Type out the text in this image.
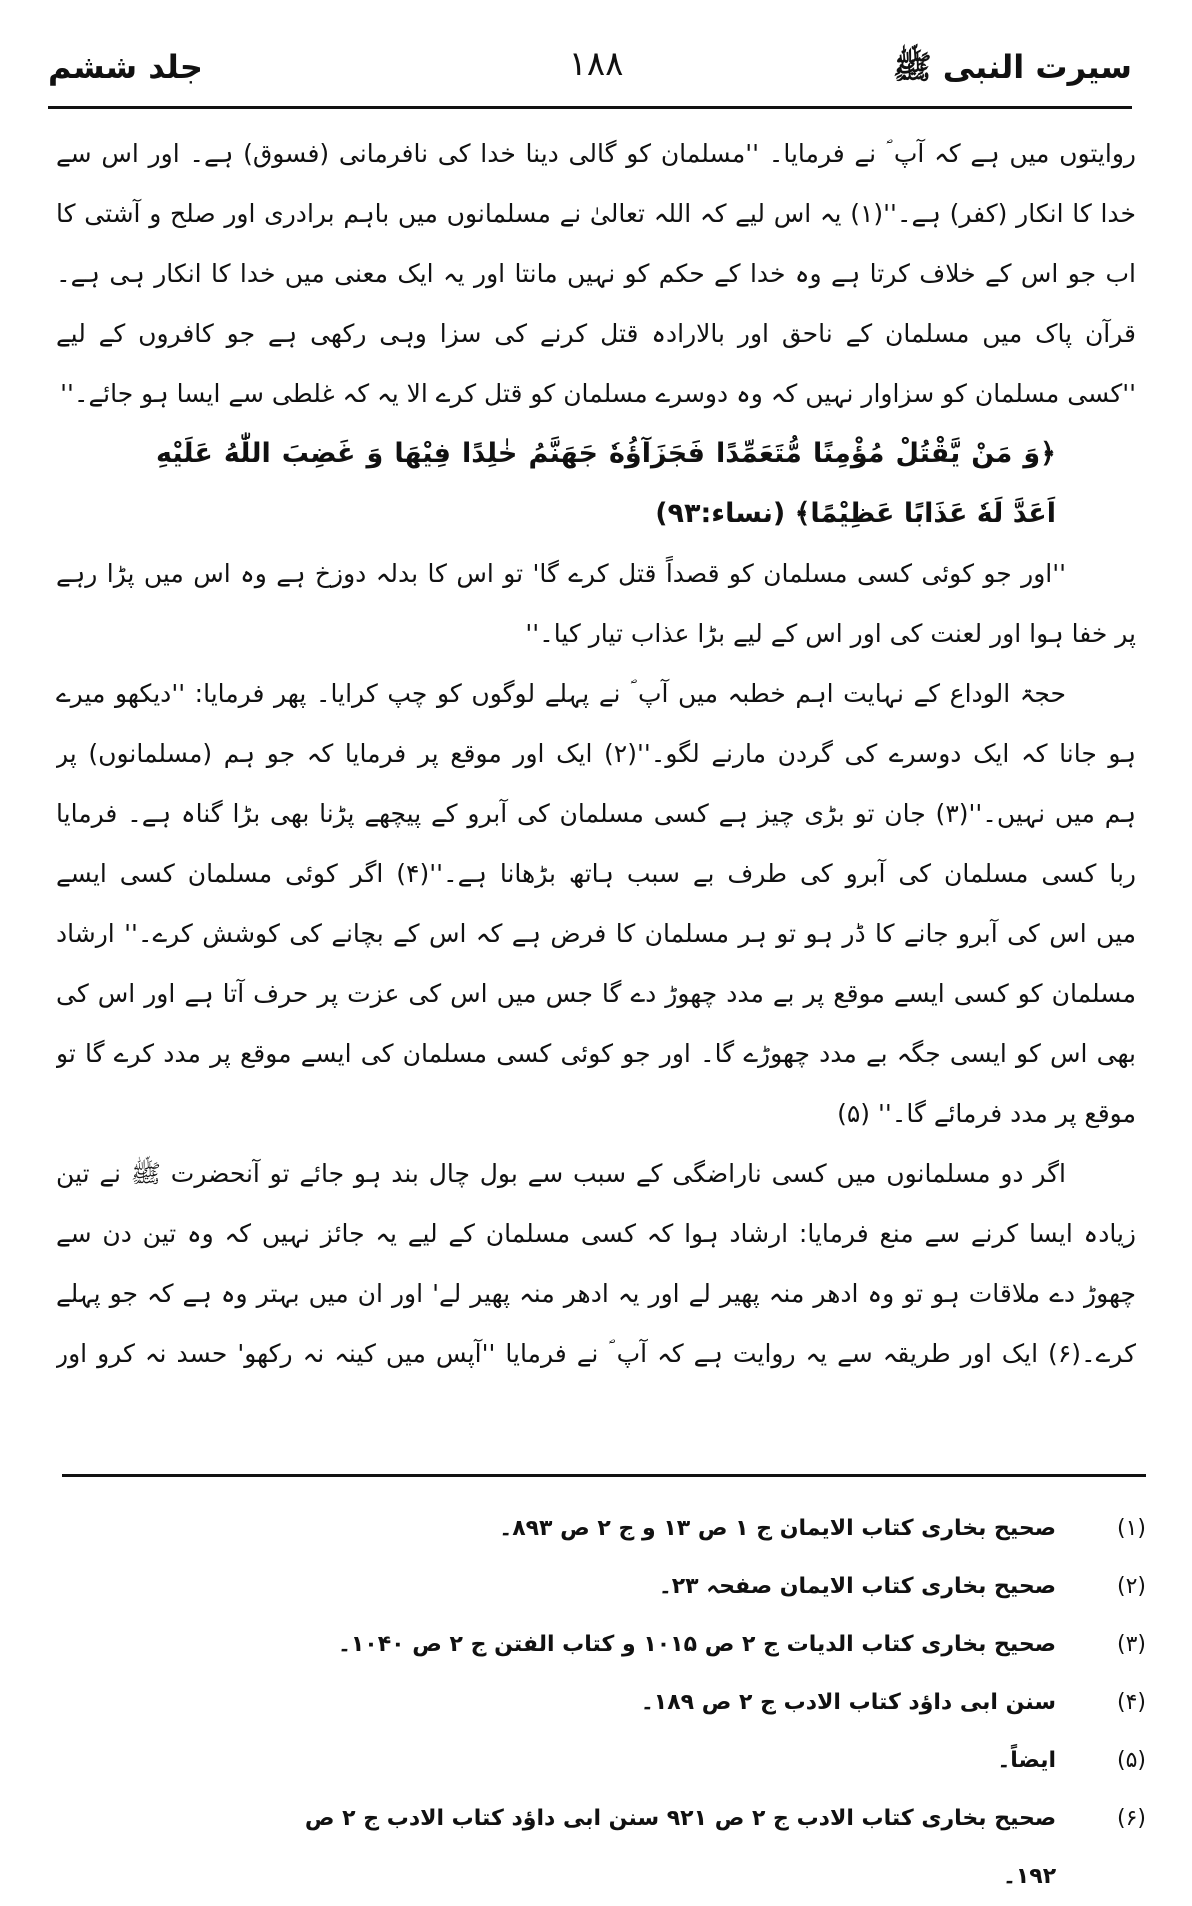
سیرت النبی ﷺ
۱۸۸
جلد ششم
روایتوں میں ہے کہ آپ ؐ نے فرمایا۔ ''مسلمان کو گالی دینا خدا کی نافرمانی (فسوق) ہے۔ اور اس سے
خدا کا انکار (کفر) ہے۔''(۱) یہ اس لیے کہ اللہ تعالیٰ نے مسلمانوں میں باہم برادری اور صلح و آشتی کا
اب جو اس کے خلاف کرتا ہے وہ خدا کے حکم کو نہیں مانتا اور یہ ایک معنی میں خدا کا انکار ہی ہے۔
قرآن پاک میں مسلمان کے ناحق اور بالارادہ قتل کرنے کی سزا وہی رکھی ہے جو کافروں کے لیے
''کسی مسلمان کو سزاوار نہیں کہ وہ دوسرے مسلمان کو قتل کرے الا یہ کہ غلطی سے ایسا ہو جائے۔''
﴿وَ مَنْ یَّقْتُلْ مُؤْمِنًا مُّتَعَمِّدًا فَجَزَآؤُهٗ جَهَنَّمُ خٰلِدًا فِیْهَا وَ غَضِبَ اللّٰهُ عَلَیْهِ
اَعَدَّ لَهٗ عَذَابًا عَظِیْمًا﴾ (نساء:۹۳)
''اور جو کوئی کسی مسلمان کو قصداً قتل کرے گا' تو اس کا بدلہ دوزخ ہے وہ اس میں پڑا رہے
پر خفا ہوا اور لعنت کی اور اس کے لیے بڑا عذاب تیار کیا۔''
حجۃ الوداع کے نہایت اہم خطبہ میں آپ ؐ نے پہلے لوگوں کو چپ کرایا۔ پھر فرمایا: ''دیکھو میرے
ہو جانا کہ ایک دوسرے کی گردن مارنے لگو۔''(۲) ایک اور موقع پر فرمایا کہ جو ہم (مسلمانوں) پر
ہم میں نہیں۔''(۳) جان تو بڑی چیز ہے کسی مسلمان کی آبرو کے پیچھے پڑنا بھی بڑا گناہ ہے۔ فرمایا
ربا کسی مسلمان کی آبرو کی طرف بے سبب ہاتھ بڑھانا ہے۔''(۴) اگر کوئی مسلمان کسی ایسے
میں اس کی آبرو جانے کا ڈر ہو تو ہر مسلمان کا فرض ہے کہ اس کے بچانے کی کوشش کرے۔'' ارشاد
مسلمان کو کسی ایسے موقع پر بے مدد چھوڑ دے گا جس میں اس کی عزت پر حرف آتا ہے اور اس کی
بھی اس کو ایسی جگہ بے مدد چھوڑے گا۔ اور جو کوئی کسی مسلمان کی ایسے موقع پر مدد کرے گا تو
موقع پر مدد فرمائے گا۔'' (۵)
اگر دو مسلمانوں میں کسی ناراضگی کے سبب سے بول چال بند ہو جائے تو آنحضرت ﷺ نے تین
زیادہ ایسا کرنے سے منع فرمایا: ارشاد ہوا کہ کسی مسلمان کے لیے یہ جائز نہیں کہ وہ تین دن سے
چھوڑ دے ملاقات ہو تو وہ ادھر منہ پھیر لے اور یہ ادھر منہ پھیر لے' اور ان میں بہتر وہ ہے کہ جو پہلے
کرے۔(۶) ایک اور طریقہ سے یہ روایت ہے کہ آپ ؐ نے فرمایا ''آپس میں کینہ نہ رکھو' حسد نہ کرو اور
(۱)
صحیح بخاری کتاب الایمان ج ۱ ص ۱۳ و ج ۲ ص ۸۹۳۔
(۲)
صحیح بخاری کتاب الایمان صفحہ ۲۳۔
(۳)
صحیح بخاری کتاب الدیات ج ۲ ص ۱۰۱۵ و کتاب الفتن ج ۲ ص ۱۰۴۰۔
(۴)
سنن ابی داؤد کتاب الادب ج ۲ ص ۱۸۹۔
(۵)
ایضاً۔
(۶)
صحیح بخاری کتاب الادب ج ۲ ص ۹۲۱ سنن ابی داؤد کتاب الادب ج ۲ ص ۱۹۲۔
